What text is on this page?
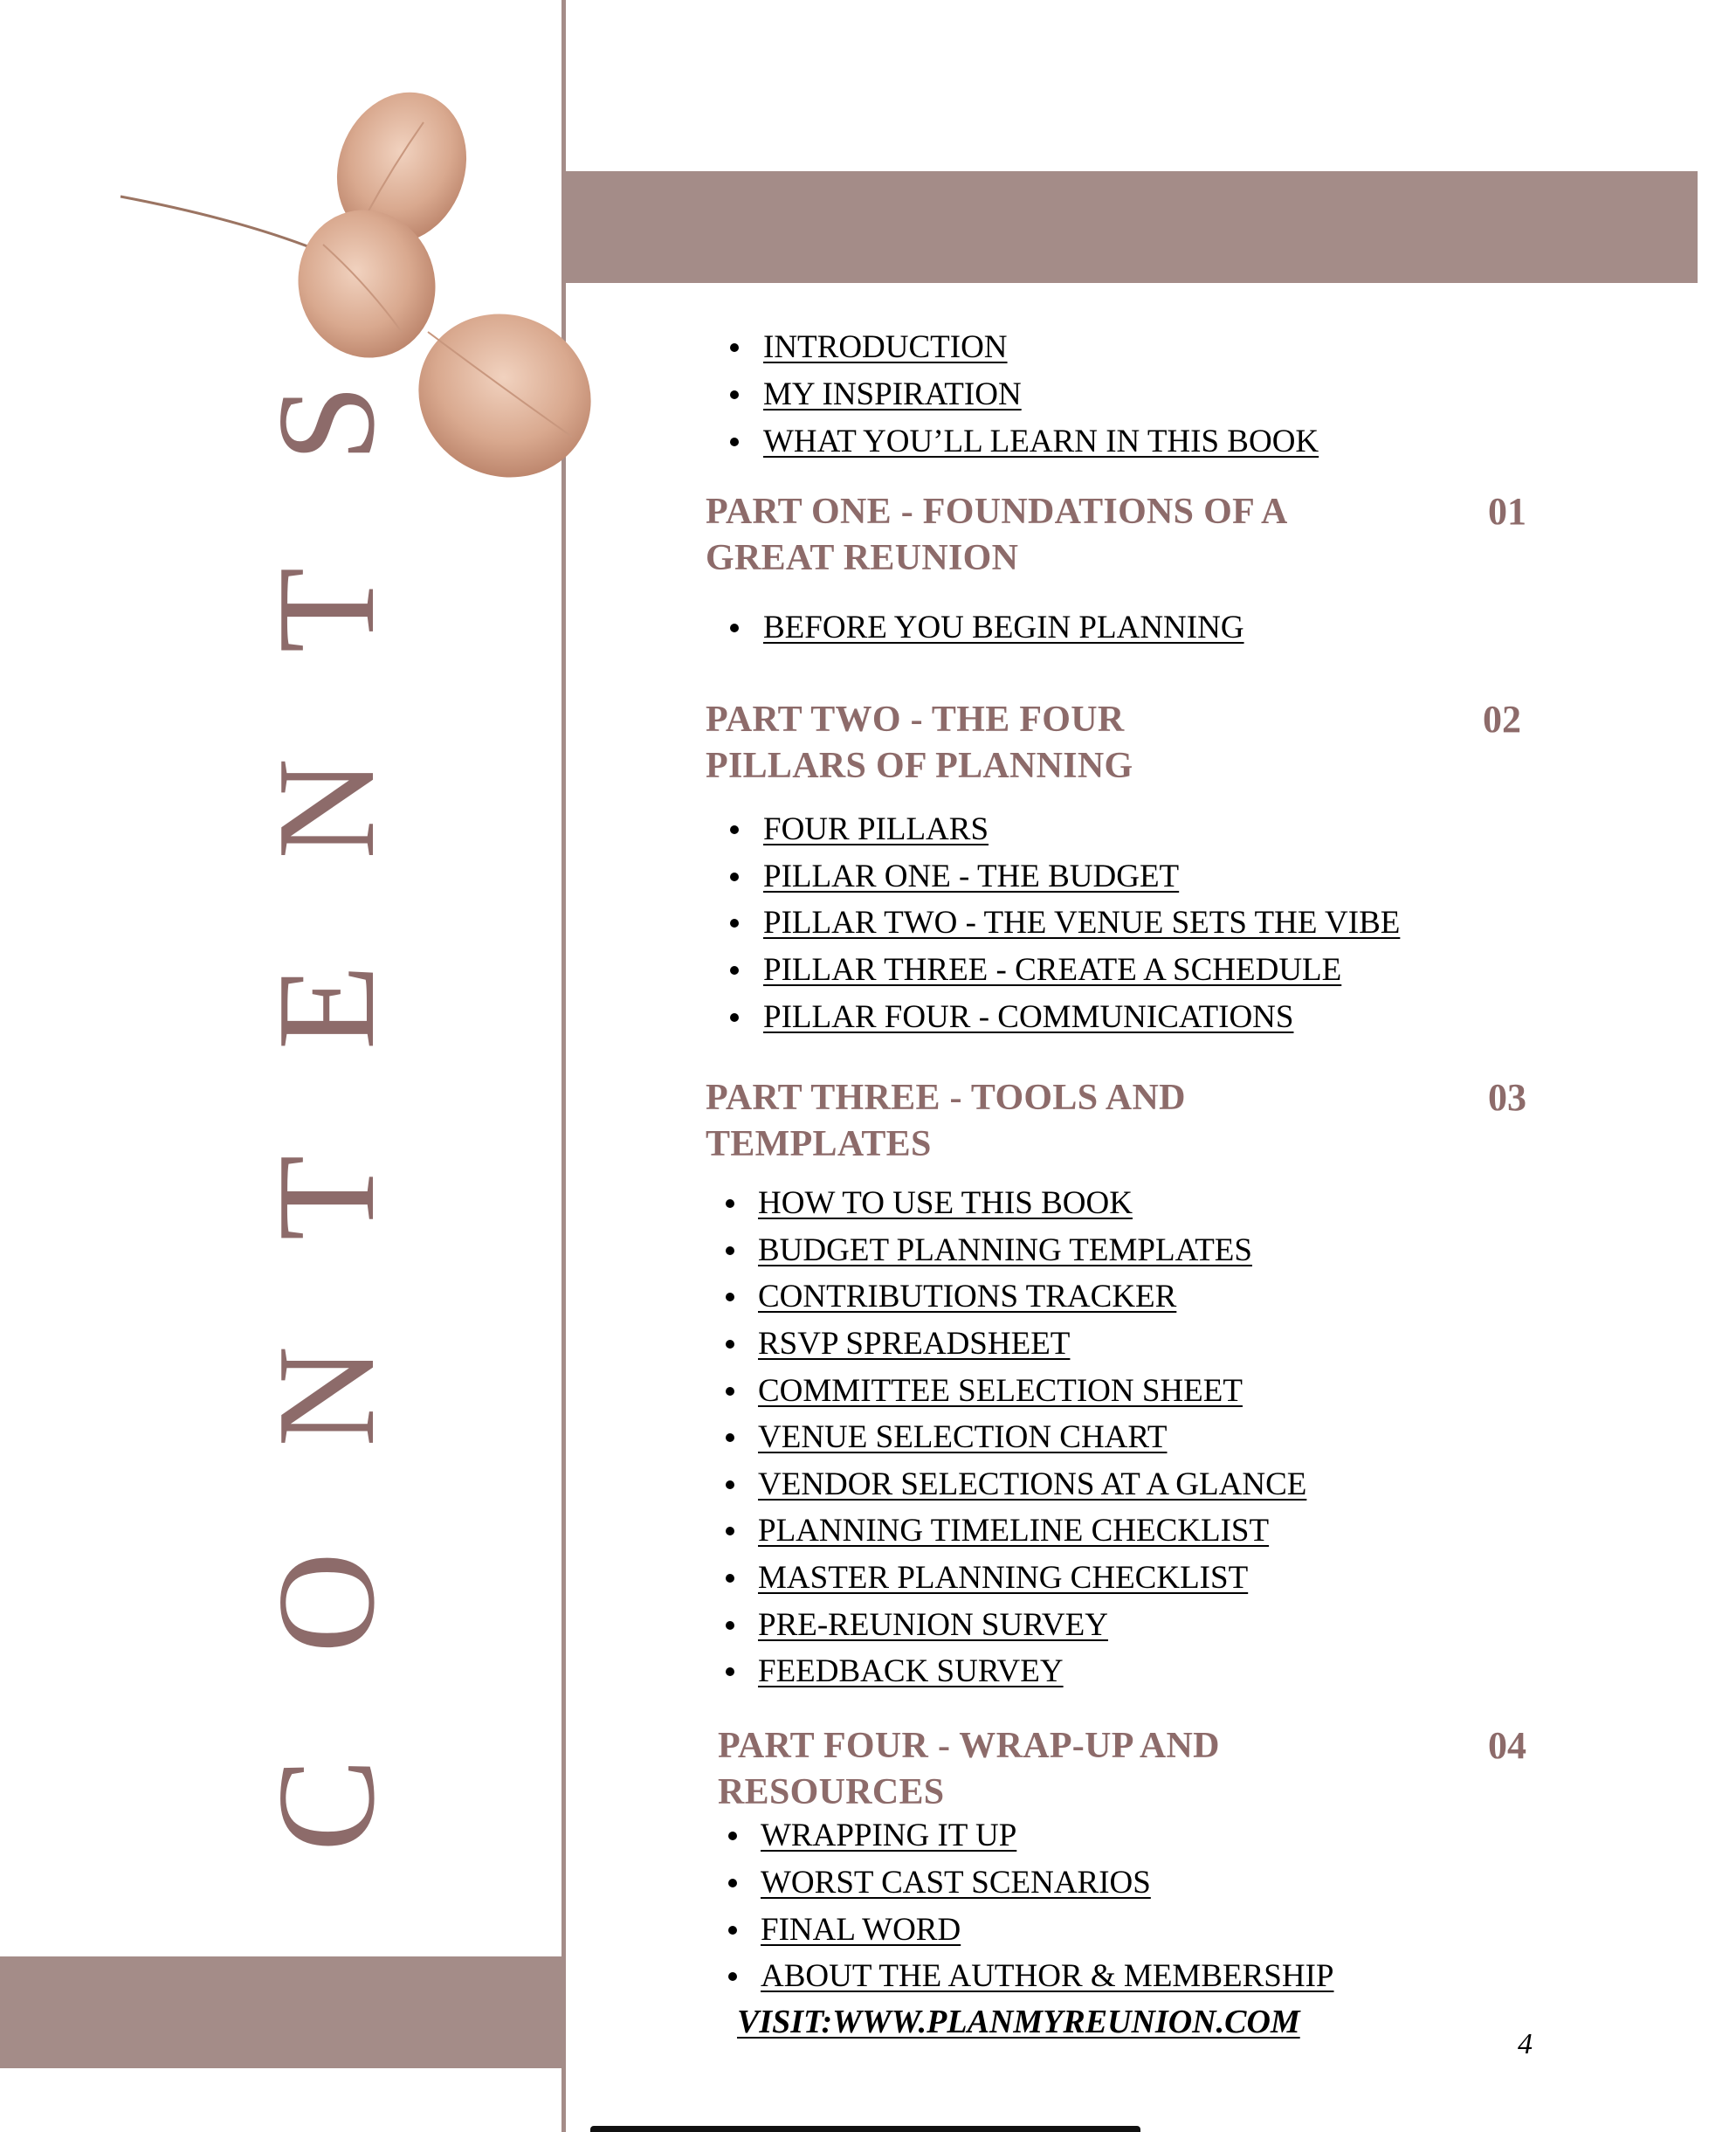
C
O
N
T
E
N
T
S
INTRODUCTION
MY INSPIRATION
WHAT YOU’LL LEARN IN THIS BOOK
PART ONE - FOUNDATIONS OF A
GREAT REUNION
01
BEFORE YOU BEGIN PLANNING
PART TWO - THE FOUR
PILLARS OF PLANNING
02
FOUR PILLARS
PILLAR ONE - THE BUDGET
PILLAR TWO - THE VENUE SETS THE VIBE
PILLAR THREE - CREATE A SCHEDULE
PILLAR FOUR - COMMUNICATIONS
PART THREE - TOOLS AND
TEMPLATES
03
HOW TO USE THIS BOOK
BUDGET PLANNING TEMPLATES
CONTRIBUTIONS TRACKER
RSVP SPREADSHEET
COMMITTEE SELECTION SHEET
VENUE SELECTION CHART
VENDOR SELECTIONS AT A GLANCE
PLANNING TIMELINE CHECKLIST
MASTER PLANNING CHECKLIST
PRE-REUNION SURVEY
FEEDBACK SURVEY
PART FOUR - WRAP-UP AND
RESOURCES
04
WRAPPING IT UP
WORST CAST SCENARIOS
FINAL WORD
ABOUT THE AUTHOR & MEMBERSHIP
VISIT:WWW.PLANMYREUNION.COM
4
